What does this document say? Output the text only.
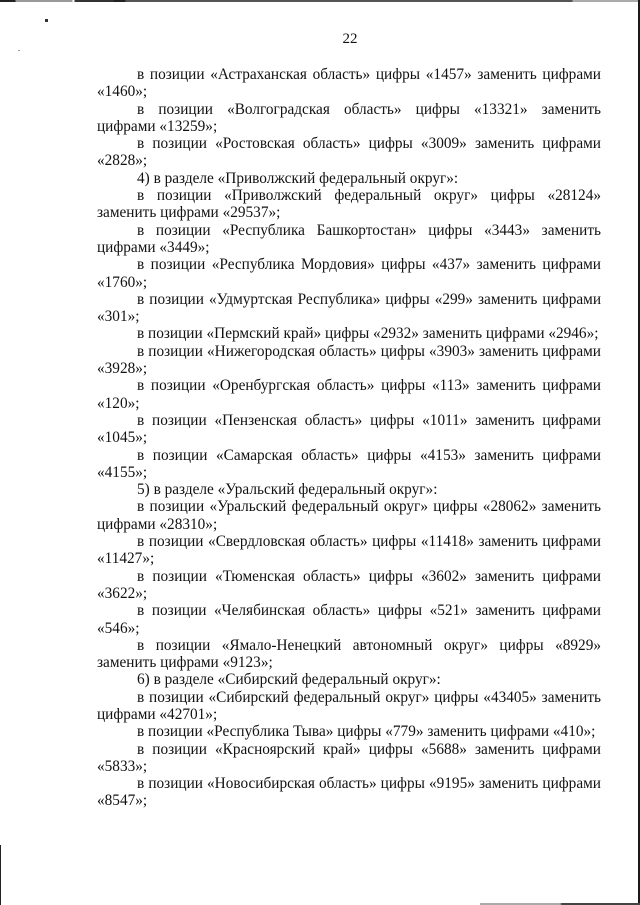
22

в позиции «Астраханская область» цифры «1457» заменить цифрами «1460»;

в позиции «Волгоградская область» цифры «13321» заменить цифрами «13259»;

в позиции «Ростовская область» цифры «3009» заменить цифрами «2828»;

4) в разделе «Приволжский федеральный округ»:

в позиции «Приволжский федеральный округ» цифры «28124» заменить цифрами «29537»;

в позиции «Республика Башкортостан» цифры «3443» заменить цифрами «3449»;

в позиции «Республика Мордовия» цифры «437» заменить цифрами «1760»;

в позиции «Удмуртская Республика» цифры «299» заменить цифрами «301»;

в позиции «Пермский край» цифры «2932» заменить цифрами «2946»;

в позиции «Нижегородская область» цифры «3903» заменить цифрами «3928»;

в позиции «Оренбургская область» цифры «113» заменить цифрами «120»;

в позиции «Пензенская область» цифры «1011» заменить цифрами «1045»;

в позиции «Самарская область» цифры «4153» заменить цифрами «4155»;

5) в разделе «Уральский федеральный округ»:

в позиции «Уральский федеральный округ» цифры «28062» заменить цифрами «28310»;

в позиции «Свердловская область» цифры «11418» заменить цифрами «11427»;

в позиции «Тюменская область» цифры «3602» заменить цифрами «3622»;

в позиции «Челябинская область» цифры «521» заменить цифрами «546»;

в позиции «Ямало-Ненецкий автономный округ» цифры «8929» заменить цифрами «9123»;

6) в разделе «Сибирский федеральный округ»:

в позиции «Сибирский федеральный округ» цифры «43405» заменить цифрами «42701»;

в позиции «Республика Тыва» цифры «779» заменить цифрами «410»;

в позиции «Красноярский край» цифры «5688» заменить цифрами «5833»;

в позиции «Новосибирская область» цифры «9195» заменить цифрами «8547»;
